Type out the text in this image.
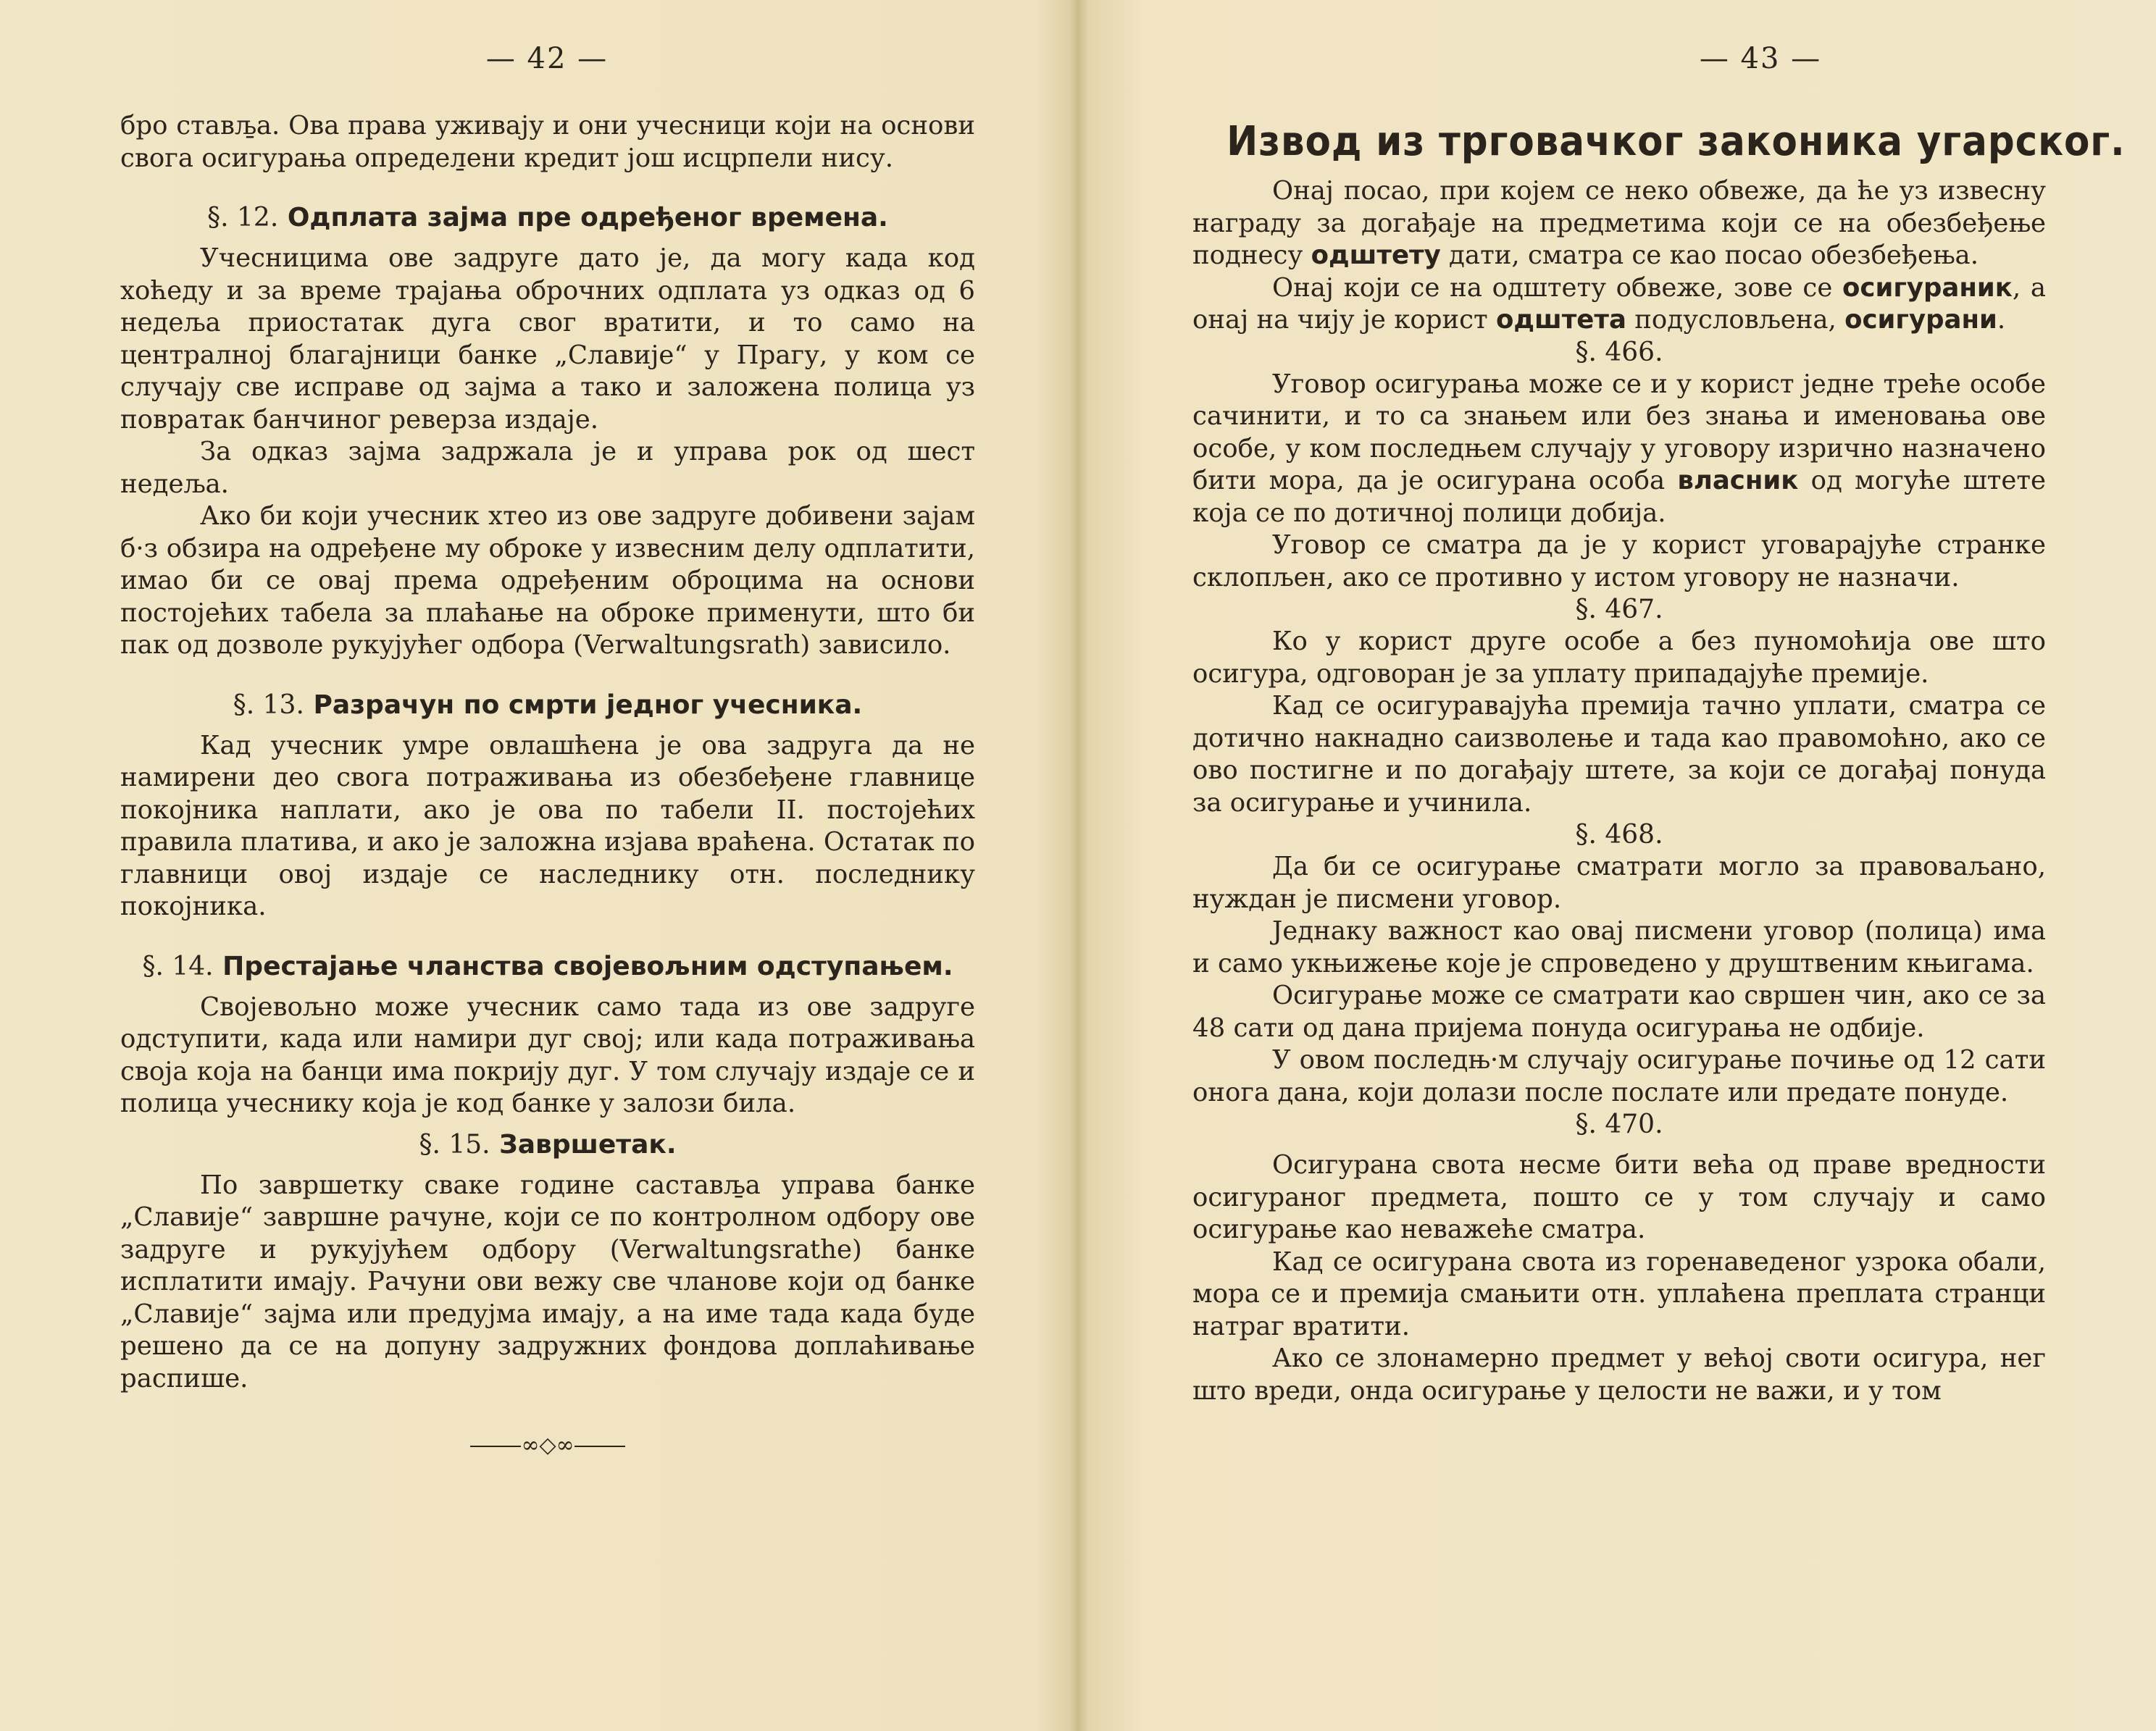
— 42 —

бро стављ̱а. Ова права уживају и они учесници који на основи свога осигурања определ̱ени кредит још исцрпели нису.

§. 12. Одплата зајма пре одређеног времена.

Учесницима ове задруге дато је, да могу када код хоћеду и за време трајања оброчних одплата уз одказ од 6 недеља приостатак дуга свог вратити, и то само на централној благајници банке „Славије“ у Прагу, у ком се случају све исправе од зајма а тако и заложена полица уз повратак банчиног реверза издаје.

За одказ зајма задржала је и управа рок од шест недеља.

Ако би који учесник хтео из ове задруге добивени зајам б·з обзира на одређене му оброке у извесним делу одплатити, имао би се овај према одређеним оброцима на основи постојећих табела за плаћање на оброке применути, што би пак од дозволе рукујућег одбора (Verwaltungsrath) зависило.

§. 13. Разрачун по смрти једног учесника.

Кад учесник умре овлашћена је ова задруга да не намирени део свога потраживања из обезбеђене главнице покојника наплати, ако је ова по табели II. постојећих правила платива, и ако је заложна изјава враћена. Остатак по главници овој издаје се наследнику отн. последнику покојника.

§. 14. Престајање чланства својевољним одступањем.

Својевољно може учесник само тада из ове задруге одступити, када или намири дуг свој; или када потраживања своја која на банци има покрију дуг. У том случају издаје се и полица учеснику која је код банке у залози била.

§. 15. Завршетак.

По завршетку сваке године састављ̱а управа банке „Славије“ завршне рачуне, који се по контролном одбору ове задруге и рукујућем одбору (Verwaltungsrathe) банке исплатити имају. Рачуни ови вежу све чланове који од банке „Славије“ зајма или предујма имају, а на име тада када буде решено да се на допуну задружних фондова доплаћивање распише.

∞◇∞
— 43 —
Извод из трговачког законика угарског.

Онај посао, при којем се неко обвеже, да ће уз извесну награду за догађаје на предметима који се на обезбеђење поднесу одштету дати, сматра се као посао обезбеђења.

Онај који се на одштету обвеже, зове се осигураник, а онај на чију је корист одштета подусловљена, осигурани.

§. 466.

Уговор осигурања може се и у корист једне треће особе сачинити, и то са знањем или без знања и именовања ове особе, у ком последњем случају у уговору изрично назначено бити мора, да је осигурана особа власник од могуће штете која се по дотичној полици добија.

Уговор се сматра да је у корист уговарајуће странке склопљен, ако се противно у истом уговору не назначи.

§. 467.

Ко у корист друге особе а без пуномоћија ове што осигура, одговоран је за уплату припадајуће премије.

Кад се осигуравајућа премија тачно уплати, сматра се дотично накнадно саизволење и тада као правомоћно, ако се ово постигне и по догађају штете, за који се догађај понуда за осигурање и учинила.

§. 468.

Да би се осигурање сматрати могло за правоваљано, нуждан је писмени уговор.

Једнаку важност као овај писмени уговор (полица) има и само укњижење које је спроведено у друштвеним књигама.

Осигурање може се сматрати као свршен чин, ако се за 48 сати од дана пријема понуда осигурања не одбије.

У овом последњ·м случају осигурање почиње од 12 сати онога дана, који долази после послате или предате понуде.

§. 470.

Осигурана свота несме бити већа од праве вредности осигураног предмета, пошто се у том случају и само осигурање као неважеће сматра.

Кад се осигурана свота из горенаведеног узрока обали, мора се и премија смањити отн. уплаћена преплата странци натраг вратити.

Ако се злонамерно предмет у већој своти осигура, нег што вреди, онда осигурање у целости не важи, и у том
